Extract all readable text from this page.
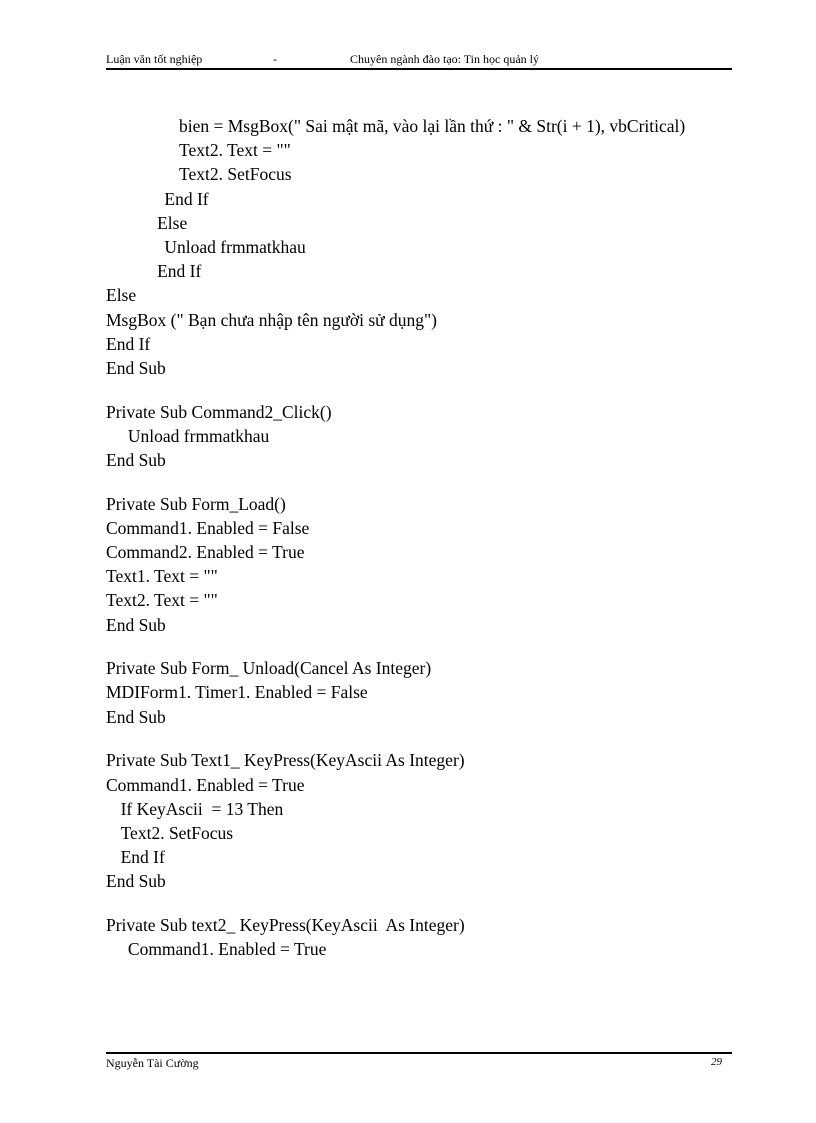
Luận văn tốt nghiệp	-	Chuyên ngành đào tạo: Tin học quản lý
bien = MsgBox(" Sai mật mã, vào lại lần thứ : " & Str(i + 1), vbCritical)
Text2. Text = ""
Text2. SetFocus
End If
Else
Unload frmmatkhau
End If
Else
MsgBox (" Bạn chưa nhập tên người sử dụng")
End If
End Sub
Private Sub Command2_Click()
Unload frmmatkhau
End Sub
Private Sub Form_Load()
Command1. Enabled = False
Command2. Enabled = True
Text1. Text = ""
Text2. Text = ""
End Sub
Private Sub Form_ Unload(Cancel As Integer)
MDIForm1. Timer1. Enabled = False
End Sub
Private Sub Text1_ KeyPress(KeyAscii As Integer)
Command1. Enabled = True
If KeyAscii  = 13 Then
Text2. SetFocus
End If
End Sub
Private Sub text2_ KeyPress(KeyAscii  As Integer)
Command1. Enabled = True
Nguyễn Tài Cường	29
